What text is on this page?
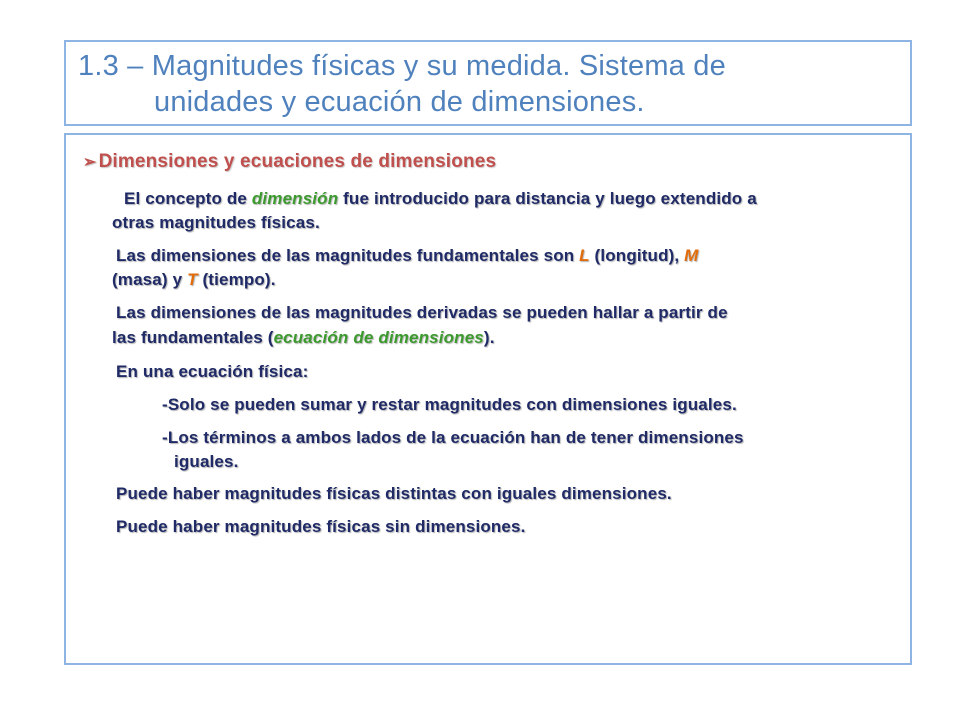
1.3 – Magnitudes físicas y su medida. Sistema de
unidades y ecuación de dimensiones.
➢ Dimensiones y ecuaciones de dimensiones
El concepto de dimensión fue introducido para distancia y luego extendido a
otras magnitudes físicas.
Las dimensiones de las magnitudes fundamentales son L (longitud), M
(masa) y T (tiempo).
Las dimensiones de las magnitudes derivadas se pueden hallar a partir de
las fundamentales (ecuación de dimensiones).
En una ecuación física:
-Solo se pueden sumar y restar magnitudes con dimensiones iguales.
-Los términos a ambos lados de la ecuación han de tener dimensiones
iguales.
Puede haber magnitudes físicas distintas con iguales dimensiones.
Puede haber magnitudes físicas sin dimensiones.
